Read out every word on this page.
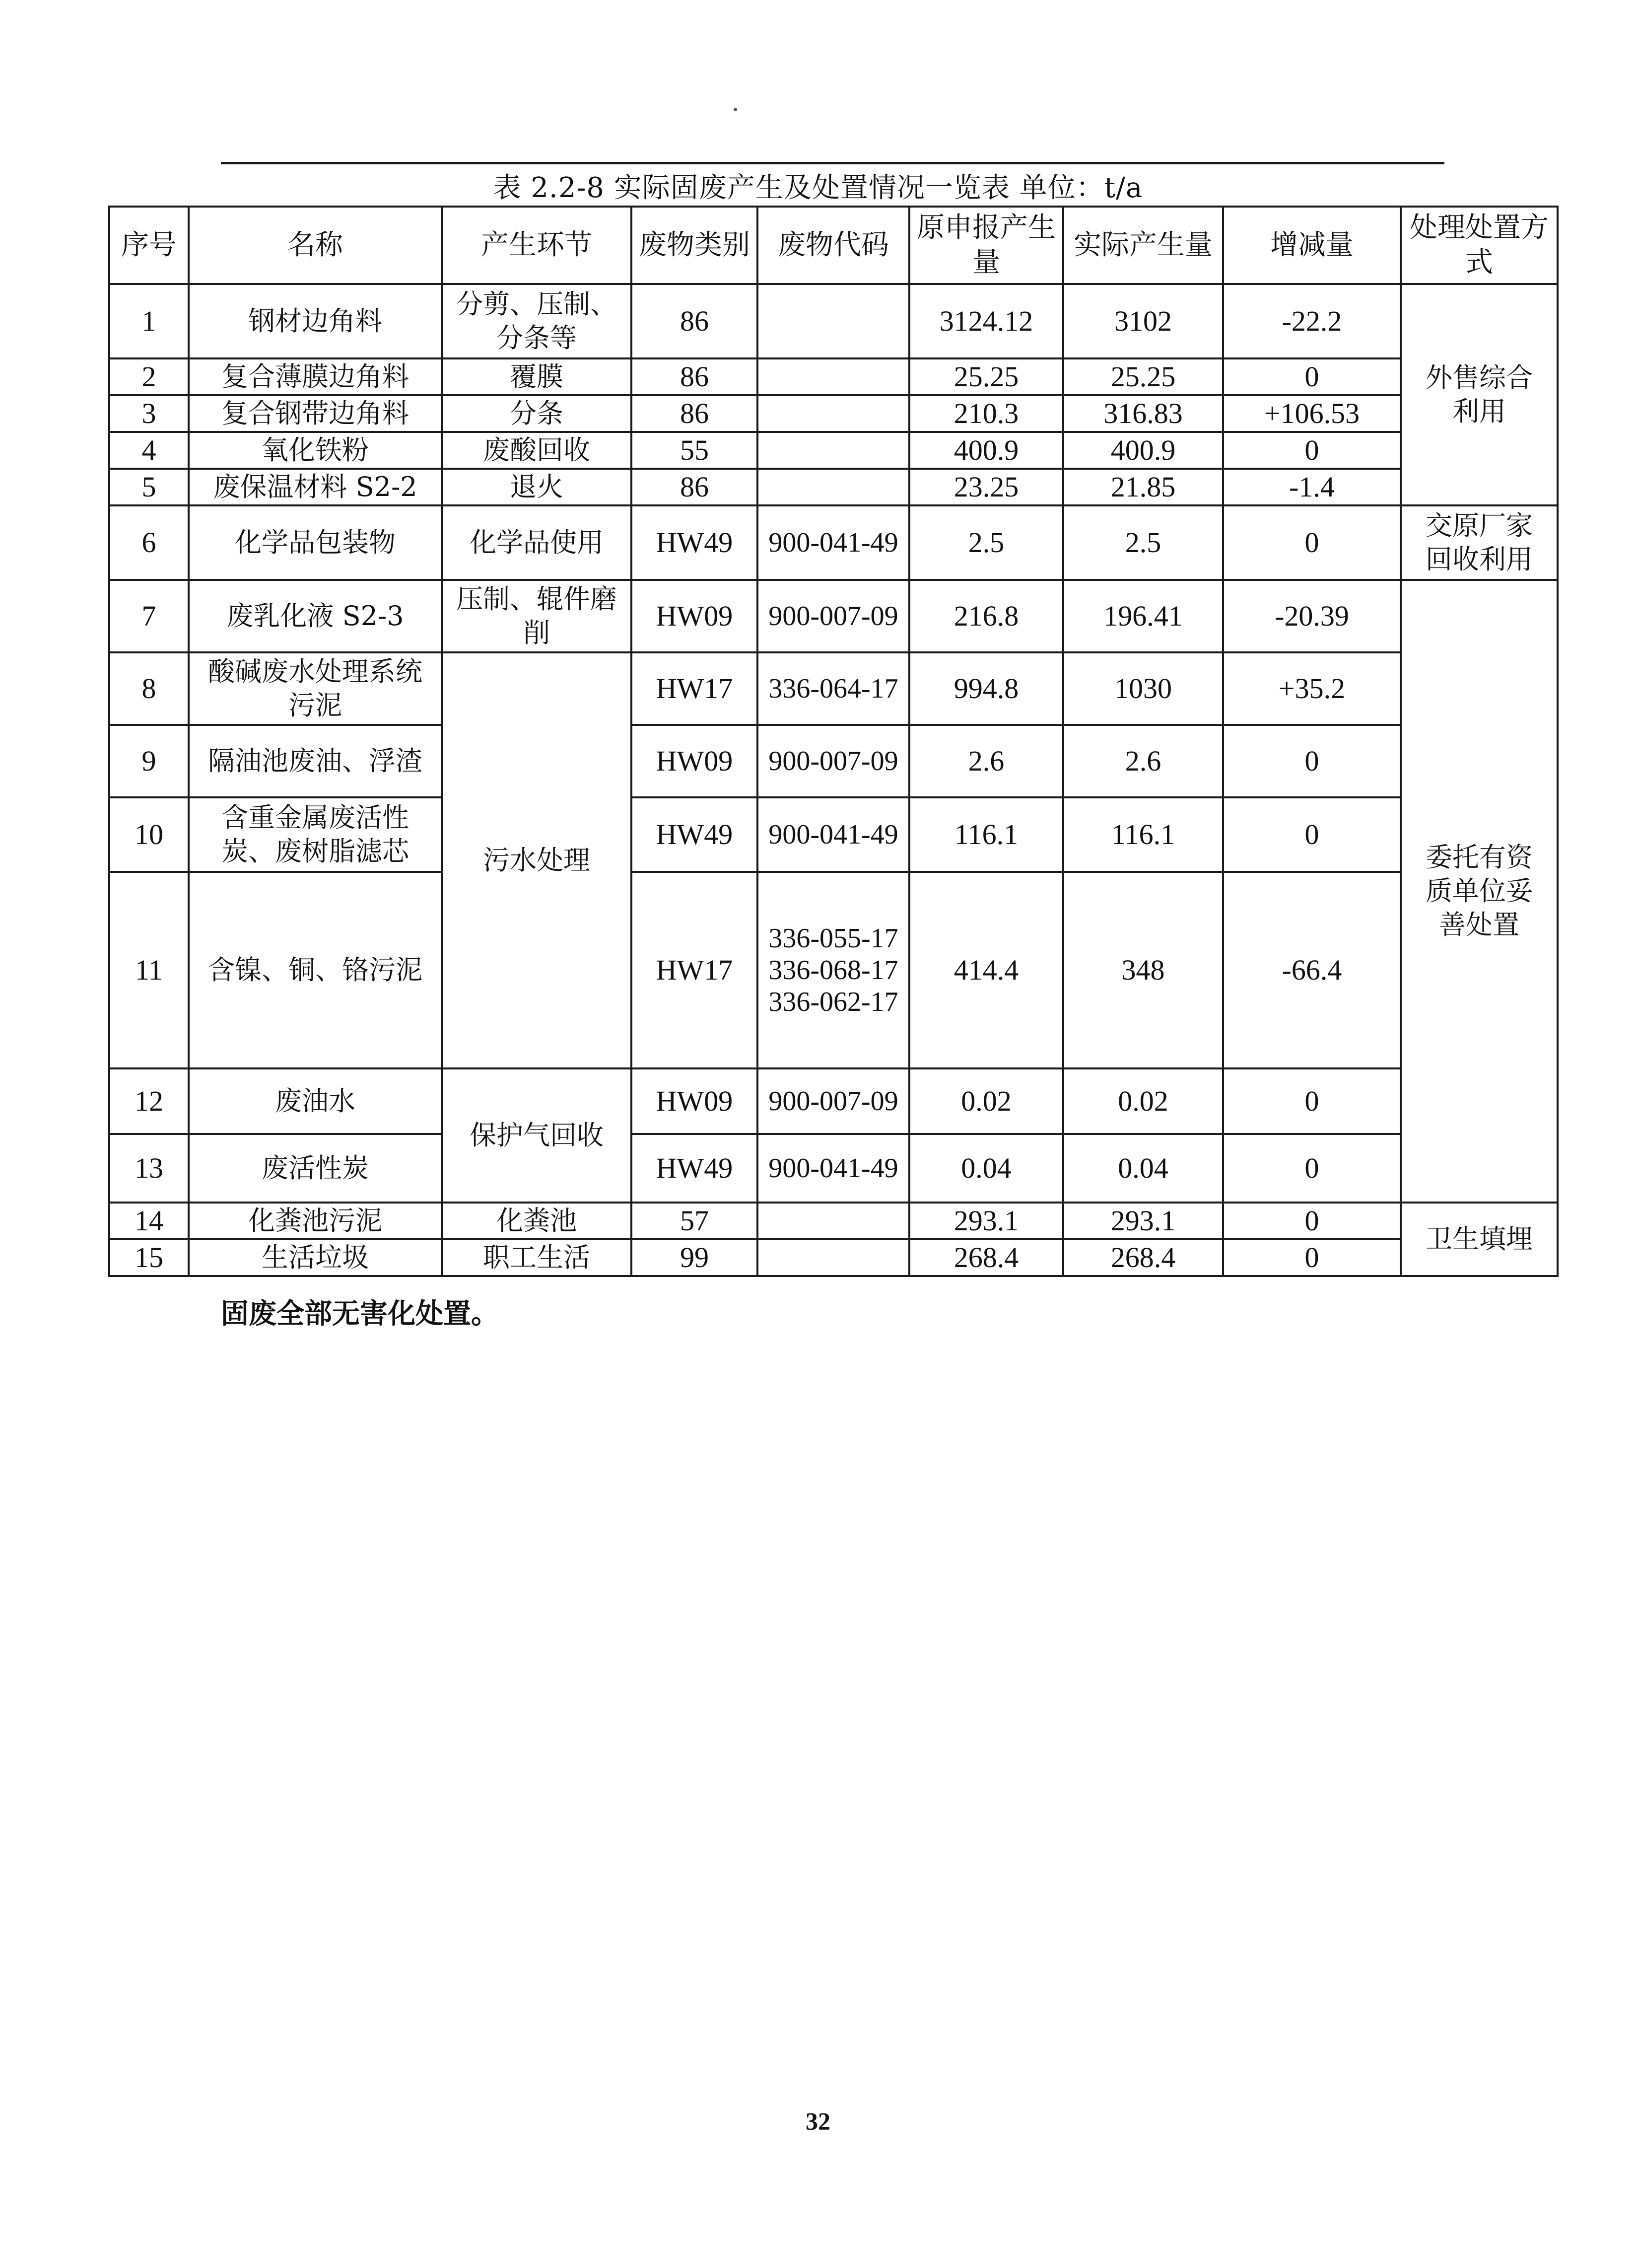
表 2.2-8 实际固废产生及处置情况一览表 单位：t/a
序号	名称	产生环节	废物类别	废物代码	原申报产生量	实际产生量	增减量	处理处置方式
1	钢材边角料	分剪、压制、分条等	86		3124.12	3102	-22.2	外售综合利用
2	复合薄膜边角料	覆膜	86		25.25	25.25	0	
3	复合钢带边角料	分条	86		210.3	316.83	+106.53	
4	氧化铁粉	废酸回收	55		400.9	400.9	0	
5	废保温材料 S2-2	退火	86		23.25	21.85	-1.4	
6	化学品包装物	化学品使用	HW49	900-041-49	2.5	2.5	0	交原厂家回收利用
7	废乳化液 S2-3	压制、辊件磨削	HW09	900-007-09	216.8	196.41	-20.39	委托有资质单位妥善处置
8	酸碱废水处理系统污泥	污水处理	HW17	336-064-17	994.8	1030	+35.2	
9	隔油池废油、浮渣		HW09	900-007-09	2.6	2.6	0	
10	含重金属废活性炭、废树脂滤芯		HW49	900-041-49	116.1	116.1	0	
11	含镍、铜、铬污泥		HW17	336-055-17 336-068-17 336-062-17	414.4	348	-66.4	
12	废油水	保护气回收	HW09	900-007-09	0.02	0.02	0	
13	废活性炭		HW49	900-041-49	0.04	0.04	0	
14	化粪池污泥	化粪池	57		293.1	293.1	0	卫生填埋
15	生活垃圾	职工生活	99		268.4	268.4	0	
固废全部无害化处置。
32
